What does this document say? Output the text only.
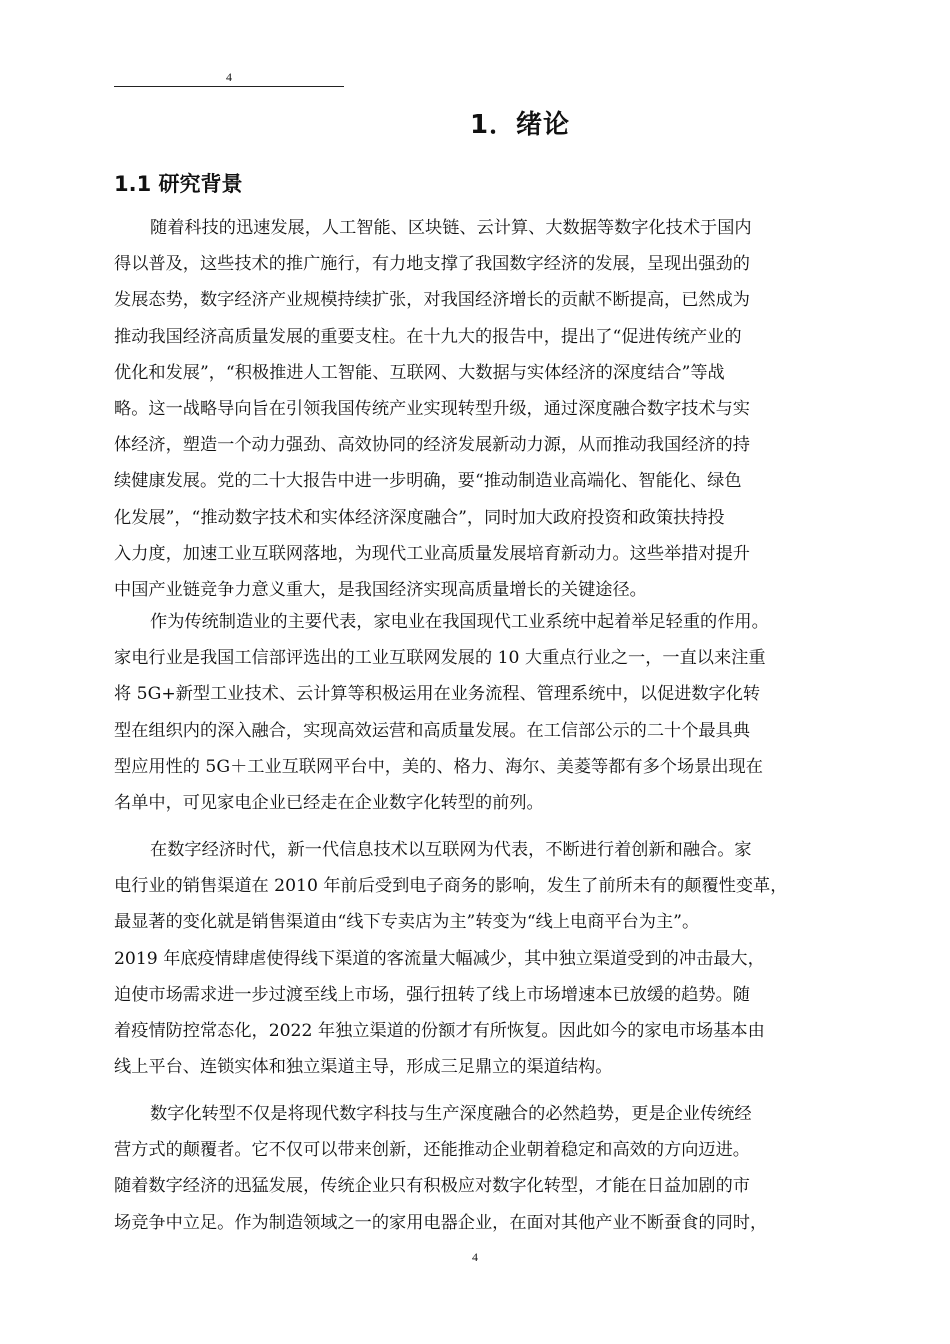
4
1．绪论
1.1 研究背景

随着科技的迅速发展，人工智能、区块链、云计算、大数据等数字化技术于国内
得以普及，这些技术的推广施行，有力地支撑了我国数字经济的发展，呈现出强劲的
发展态势，数字经济产业规模持续扩张，对我国经济增长的贡献不断提高，已然成为
推动我国经济高质量发展的重要支柱。在十九大的报告中，提出了“促进传统产业的
优化和发展”，“积极推进人工智能、互联网、大数据与实体经济的深度结合”等战
略。这一战略导向旨在引领我国传统产业实现转型升级，通过深度融合数字技术与实
体经济，塑造一个动力强劲、高效协同的经济发展新动力源，从而推动我国经济的持
续健康发展。党的二十大报告中进一步明确，要“推动制造业高端化、智能化、绿色
化发展”，“推动数字技术和实体经济深度融合”，同时加大政府投资和政策扶持投
入力度，加速工业互联网落地，为现代工业高质量发展培育新动力。这些举措对提升
中国产业链竞争力意义重大，是我国经济实现高质量增长的关键途径。

作为传统制造业的主要代表，家电业在我国现代工业系统中起着举足轻重的作用。
家电行业是我国工信部评选出的工业互联网发展的 10 大重点行业之一，一直以来注重
将 5G+新型工业技术、云计算等积极运用在业务流程、管理系统中，以促进数字化转
型在组织内的深入融合，实现高效运营和高质量发展。在工信部公示的二十个最具典
型应用性的 5G＋工业互联网平台中，美的、格力、海尔、美菱等都有多个场景出现在
名单中，可见家电企业已经走在企业数字化转型的前列。

在数字经济时代，新一代信息技术以互联网为代表，不断进行着创新和融合。家
电行业的销售渠道在 2010 年前后受到电子商务的影响，发生了前所未有的颠覆性变革，
最显著的变化就是销售渠道由“线下专卖店为主”转变为“线上电商平台为主”。
2019 年底疫情肆虐使得线下渠道的客流量大幅减少，其中独立渠道受到的冲击最大，
迫使市场需求进一步过渡至线上市场，强行扭转了线上市场增速本已放缓的趋势。随
着疫情防控常态化，2022 年独立渠道的份额才有所恢复。因此如今的家电市场基本由
线上平台、连锁实体和独立渠道主导，形成三足鼎立的渠道结构。

数字化转型不仅是将现代数字科技与生产深度融合的必然趋势，更是企业传统经
营方式的颠覆者。它不仅可以带来创新，还能推动企业朝着稳定和高效的方向迈进。
随着数字经济的迅猛发展，传统企业只有积极应对数字化转型，才能在日益加剧的市
场竞争中立足。作为制造领域之一的家用电器企业，在面对其他产业不断蚕食的同时，

4
